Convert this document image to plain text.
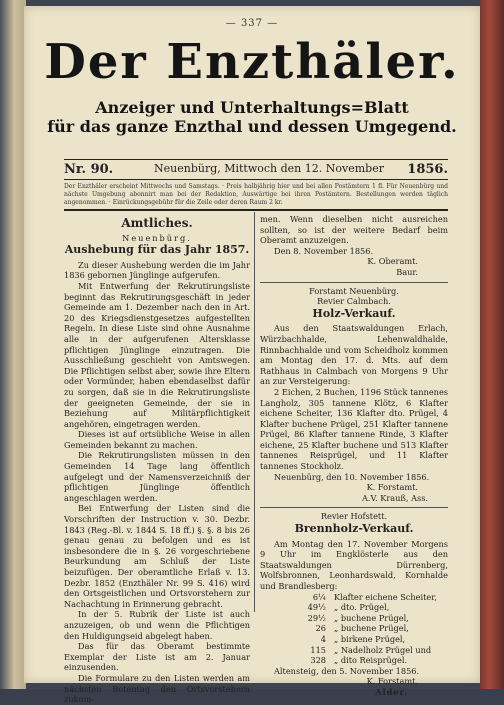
— 337 —
Der Enzthäler.
Anzeiger und Unterhaltungs=Blatt
für das ganze Enzthal und dessen Umgegend.
Nr. 90.	Neuenbürg, Mittwoch den 12. November 1856.
Der Enzthäler erscheint Mittwochs und Samstags. · Preis halbjährig hier und bei allen Postämtern 1 fl. Für Neuenbürg und nächste Umgebung abonnirt man bei der Redaktion, Auswärtige bei ihren Postämtern. Bestellungen werden täglich angenommen. · Einrückungsgebühr für die Zeile oder deren Raum 2 kr.
Amtliches.
Neuenbürg.
Aushebung für das Jahr 1857.

Zu dieser Aushebung werden die im Jahr 1836 gebornen Jünglinge aufgerufen.

Mit Entwerfung der Rekrutirungsliste beginnt das Rekrutirungsgeschäft in jeder Gemeinde am 1. Dezember nach den in Art. 20 des Kriegsdienstgesetzes aufgestellten Regeln. In diese Liste sind ohne Ausnahme alle in der aufgerufenen Altersklasse pflichtigen Jünglinge einzutragen. Die Ausschließung geschieht von Amtswegen. Die Pflichtigen selbst aber, sowie ihre Eltern oder Vormünder, haben ebendaselbst dafür zu sorgen, daß sie in die Rekrutirungsliste der geeigneten Gemeinde, der sie in Beziehung auf Militärpflichtigkeit angehören, eingetragen werden.

Dieses ist auf ortsübliche Weise in allen Gemeinden bekannt zu machen.

Die Rekrutirungslisten müssen in den Gemeinden 14 Tage lang öffentlich aufgelegt und der Namensverzeichniß der pflichtigen Jünglinge öffentlich angeschlagen werden.

Bei Entwerfung der Listen sind die Vorschriften der Instruction v. 30. Dezbr. 1843 (Reg.-Bl. v. 1844 S. 18 ff.) §. §. 8 bis 26 genau genau zu befolgen und es ist insbesondere die in §. 26 vorgeschriebene Beurkundung am Schluß der Liste beizufügen. Der oberamtliche Erlaß v. 13. Dezbr. 1852 (Enzthäler Nr. 99 S. 416) wird den Ortsgeistlichen und Ortsvorstehern zur Nachachtung in Erinnerung gebracht.

In der 5. Rubrik der Liste ist auch anzuzeigen, ob und wenn die Pflichtigen den Huldigungseid abgelegt haben.

Das für das Oberamt bestimmte Exemplar der Liste ist am 2. Januar einzusenden.

Die Formulare zu den Listen werden am nächsten Botentag den Ortsvorstehern zukom-

men. Wenn dieselben nicht ausreichen sollten, so ist der weitere Bedarf beim Oberamt anzuzeigen.

Den 8. November 1856.

K. Oberamt.
Baur.
Forstamt Neuenbürg.
Revier Calmbach.
Holz-Verkauf.

Aus den Staatswaldungen Erlach, Würzbachhalde, Lehenwaldhalde, Rinnbachhalde und vom Scheidholz kommen am Montag den 17. d. Mts. auf dem Rathhaus in Calmbach von Morgens 9 Uhr an zur Versteigerung:

2 Eichen, 2 Buchen, 1196 Stück tannenes Langholz, 305 tannene Klötz, 6 Klafter eichene Scheiter, 136 Klafter dto. Prügel, 4 Klafter buchene Prügel, 251 Klafter tannene Prügel, 86 Klafter tannene Rinde, 3 Klafter eichene, 25 Klafter buchene und 513 Klafter tannenes Reisprügel, und 11 Klafter tannenes Stockholz.

Neuenbürg, den 10. November 1856.

K. Forstamt.
A.V. Krauß, Ass.
Revier Hofstett.
Brennholz-Verkauf.

Am Montag den 17. November Morgens 9 Uhr im Engklösterle aus den Staatswaldungen Dürrenberg, Wolfsbronnen, Leonhardswald, Kornhalde und Brandlesberg:

6¼ Klafter eichene Scheiter,
49½ „ dto. Prügel,
29½ „ buchene Prügel,
26 „ buchene Prügel,
4 „ birkene Prügel,
115 „ Nadelholz Prügel und
328 „ dito Reisprügel.

Altensteig, den 5. November 1856.

K. Forstamt.
Alder.
